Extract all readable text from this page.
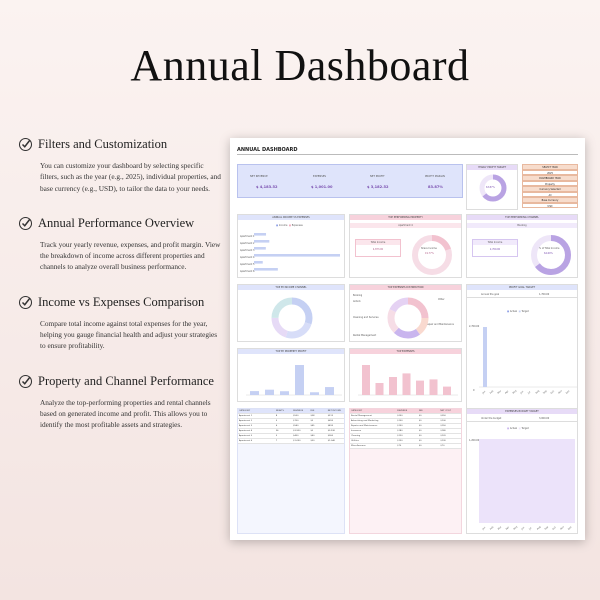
Annual Dashboard
Filters and Customization
You can customize your dashboard by selecting specific filters, such as the year (e.g., 2025), individual properties, and base currency (e.g., USD), to tailor the data to your needs.
Annual Performance Overview
Track your yearly revenue, expenses, and profit margin. View the breakdown of income across different properties and channels to analyze overall business performance.
Income vs Expenses Comparison
Compare total income against total expenses for the year, helping you gauge financial health and adjust your strategies to ensure profitability.
Property and Channel Performance
Analyze the top-performing properties and rental channels based on generated income and profit. This allows you to identify the most profitable assets and strategies.
ANNUAL DASHBOARD
NET REVENUE
$ 4,183.52
EXPENSES
$ 1,001.00
NET PROFIT
$ 3,182.52
PROFIT MARGIN
83.87%
YEARLY PROFIT TARGET
63.87%
SELECT YEAR
2025
DASHBOARD YEAR
Property
Currency Selected
All
Base Currency
USD
ANNUAL INCOME VS EXPENSES
■ Income  ■ Expenses
Apartment 1
Apartment 2
Apartment 3
Apartment 4
Apartment 5
Apartment 6
TOP PERFORMING PROPERTY
Apartment 4
Total Income
4,873.00	Share Income
19.77%
TOP PERFORMING CHANNEL
Booking
Total Income
2,700.00	% of Total Income
64.60%
TOP BY INCOME CHANNEL	TOP EXPENSES DISTRIBUTION
Booking
Airbnb
Cleaning and Services
Rental Management
Repair and Maintenance
Other
PROFIT GOAL TARGET
Annual the goal	1,700.00
■ Actual  ■ Target
2,700.00
0	Jan Feb Mar Apr May Jun	Jul Aug Sep Oct Nov Dec
TOP BY PROPERTY PROFIT	TOP EXPENSES
CATEGORY	NIGHTS	REVENUE	FEE	NET INCOME
Apartment 1	8	$550	$38	$513
Apartment 2	5	$700	$5	$695
Apartment 3	6	$540	$45	$495
Apartment 4	36	$3,930	$0	$3,930
Apartment 5	5	$400	$40	$360
Apartment 6	7	$1,090	$50	$1,040
CATEGORY	REVENUE	FEE	NET COST
Rental Management	$250	$0	$250
Advertising and Marketing	$100	$0	$100
Repairs and Maintenance	$150	$0	$150
Insurance	$180	$0	$180
Cleaning	$120	$0	$120
Utilities	$130	$0	$130
Miscellaneous	$70	$0	$70
EXPENSES BUDGET TARGET
Under the budget	3,000.00
■ Actual  ■ Target
1,200.00
Jan Feb Mar Apr May	Jun	Jul Aug Sep Oct Nov Dec
